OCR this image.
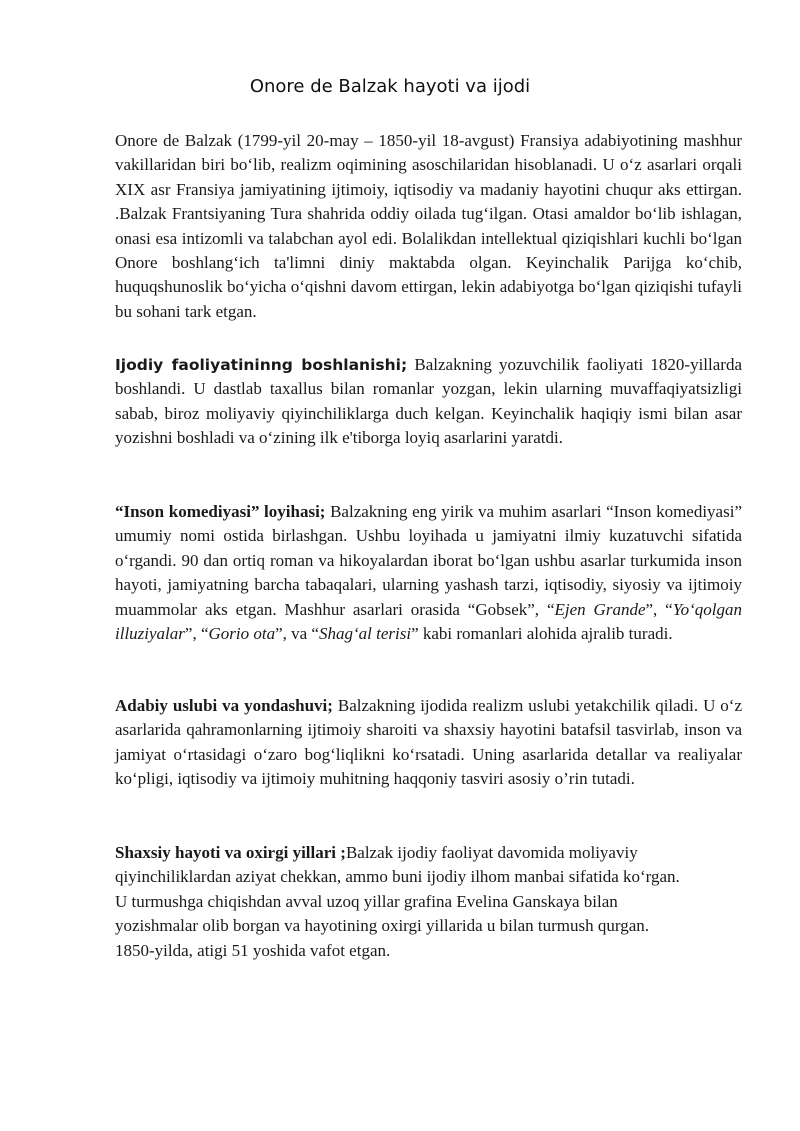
Onore de Balzak hayoti va ijodi

Onore de Balzak (1799-yil 20-may – 1850-yil 18-avgust) Fransiya adabiyotining mashhur vakillaridan biri bo‘lib, realizm oqimining asoschilaridan hisoblanadi. U o‘z asarlari orqali XIX asr Fransiya jamiyatining ijtimoiy, iqtisodiy va madaniy hayotini chuqur aks ettirgan. .Balzak Frantsiyaning Tura shahrida oddiy oilada tug‘ilgan. Otasi amaldor bo‘lib ishlagan, onasi esa intizomli va talabchan ayol edi. Bolalikdan intellektual qiziqishlari kuchli bo‘lgan Onore boshlang‘ich ta'limni diniy maktabda olgan. Keyinchalik Parijga ko‘chib, huquqshunoslik bo‘yicha o‘qishni davom ettirgan, lekin adabiyotga bo‘lgan qiziqishi tufayli bu sohani tark etgan.

Ijodiy faoliyatininng boshlanishi; Balzakning yozuvchilik faoliyati 1820-yillarda boshlandi. U dastlab taxallus bilan romanlar yozgan, lekin ularning muvaffaqiyatsizligi sabab, biroz moliyaviy qiyinchiliklarga duch kelgan. Keyinchalik haqiqiy ismi bilan asar yozishni boshladi va o‘zining ilk e'tiborga loyiq asarlarini yaratdi.

“Inson komediyasi” loyihasi; Balzakning eng yirik va muhim asarlari “Inson komediyasi” umumiy nomi ostida birlashgan. Ushbu loyihada u jamiyatni ilmiy kuzatuvchi sifatida o‘rgandi. 90 dan ortiq roman va hikoyalardan iborat bo‘lgan ushbu asarlar turkumida inson hayoti, jamiyatning barcha tabaqalari, ularning yashash tarzi, iqtisodiy, siyosiy va ijtimoiy muammolar aks etgan. Mashhur asarlari orasida “Gobsek”, “Ejen Grande”, “Yo‘qolgan illuziyalar”, “Gorio ota”, va “Shag‘al terisi” kabi romanlari alohida ajralib turadi.

Adabiy uslubi va yondashuvi; Balzakning ijodida realizm uslubi yetakchilik qiladi. U o‘z asarlarida qahramonlarning ijtimoiy sharoiti va shaxsiy hayotini batafsil tasvirlab, inson va jamiyat o‘rtasidagi o‘zaro bog‘liqlikni ko‘rsatadi. Uning asarlarida detallar va realiyalar ko‘pligi, iqtisodiy va ijtimoiy muhitning haqqoniy tasviri asosiy o’rin tutadi.

Shaxsiy hayoti va oxirgi yillari ;Balzak ijodiy faoliyat davomida moliyaviy
qiyinchiliklardan aziyat chekkan, ammo buni ijodiy ilhom manbai sifatida ko‘rgan.
U turmushga chiqishdan avval uzoq yillar grafina Evelina Ganskaya bilan
yozishmalar olib borgan va hayotining oxirgi yillarida u bilan turmush qurgan.
1850-yilda, atigi 51 yoshida vafot etgan.
